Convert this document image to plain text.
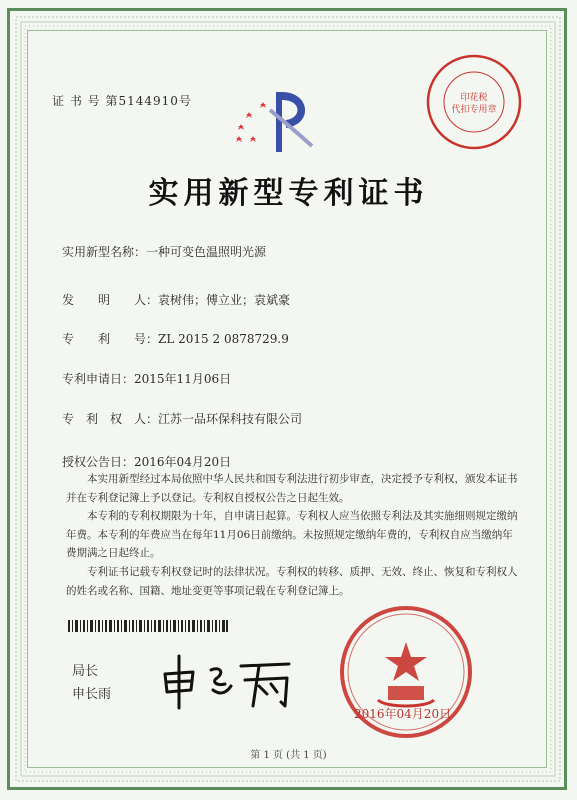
证 书 号 第5144910号	印花税
代扣专用章
实用新型专利证书
实用新型名称：一种可变色温照明光源
发　　明　　人：袁树伟；傅立业；袁斌豪
专　　利　　号：ZL 2015 2 0878729.9
专利申请日：2015年11月06日
专　利　权　人：江苏一品环保科技有限公司
授权公告日：2016年04月20日

本实用新型经过本局依照中华人民共和国专利法进行初步审查，决定授予专利权，颁发本证书并在专利登记簿上予以登记。专利权自授权公告之日起生效。

本专利的专利权期限为十年，自申请日起算。专利权人应当依照专利法及其实施细则规定缴纳年费。本专利的年费应当在每年11月06日前缴纳。未按照规定缴纳年费的，专利权自应当缴纳年费期满之日起终止。

专利证书记载专利权登记时的法律状况。专利权的转移、质押、无效、终止、恢复和专利权人的姓名或名称、国籍、地址变更等事项记载在专利登记簿上。

局长
申长雨
2016年04月20日
第 1 页 (共 1 页)
